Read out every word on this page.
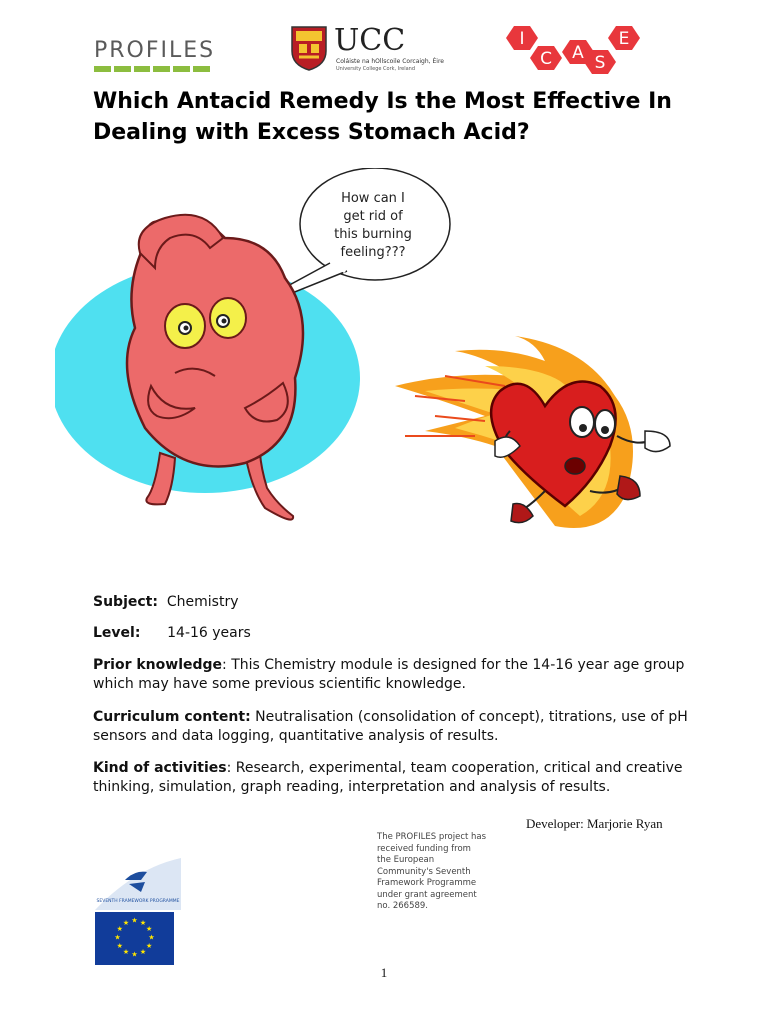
PROFILES	UCC
Coláiste na hOllscoile Corcaigh, Éire
University College Cork, Ireland
I
C A S
E
Which Antacid Remedy Is the Most Effective In Dealing with Excess Stomach Acid?
How can I
get rid of
this burning
feeling???
Subject: Chemistry
Level: 14-16 years
Prior knowledge: This Chemistry module is designed for the 14-16 year age group which may have some previous scientific knowledge.
Curriculum content: Neutralisation (consolidation of concept), titrations, use of pH sensors and data logging, quantitative analysis of results.
Kind of activities: Research, experimental, team cooperation, critical and creative thinking, simulation, graph reading, interpretation and analysis of results.
Developer: Marjorie Ryan
The PROFILES project has received funding from the European Community's Seventh Framework Programme under grant agreement no. 266589.
SEVENTH FRAMEWORK PROGRAMME
★ ★
★
★
★
★
★
★
★
★
★
★
1
